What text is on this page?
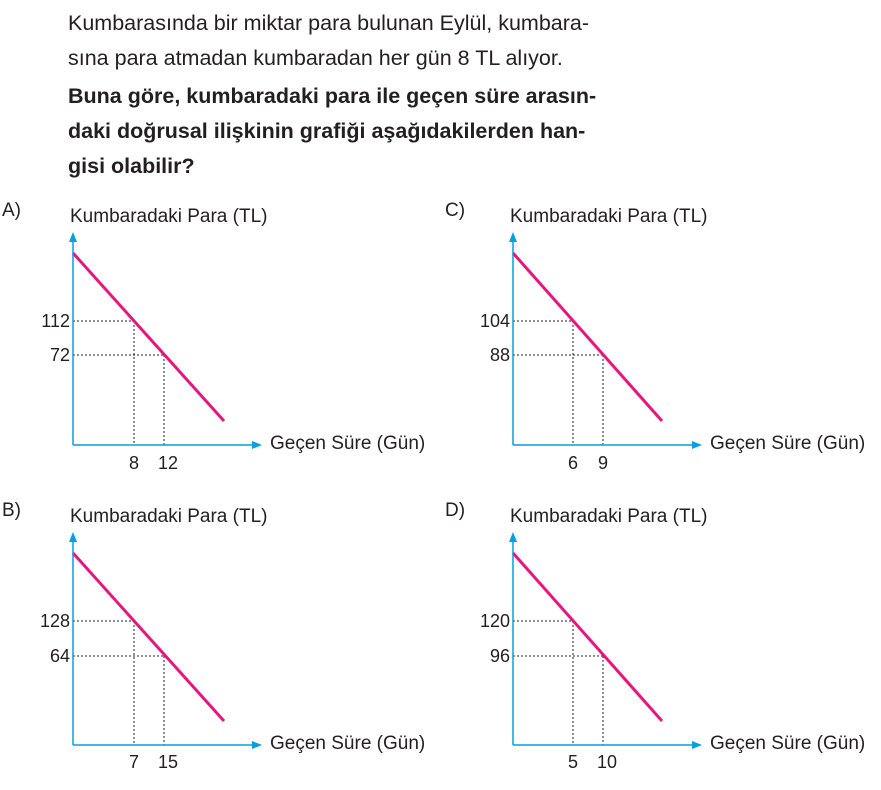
Kumbarasında bir miktar para bulunan Eylül, kumbara-
sına para atmadan kumbaradan her gün 8 TL alıyor.
Buna göre, kumbaradaki para ile geçen süre arasın-
daki doğrusal ilişkinin grafiği aşağıdakilerden han-
gisi olabilir?
A)	Kumbaradaki Para (TL)
112
72
8	12
Geçen Süre (Gün)
B)	Kumbaradaki Para (TL)
128
64
7	15
Geçen Süre (Gün)
C) Kumbaradaki Para (TL)
104
88
6	9
Geçen Süre (Gün)
D) Kumbaradaki Para (TL)
120
96
5	10
Geçen Süre (Gün)
